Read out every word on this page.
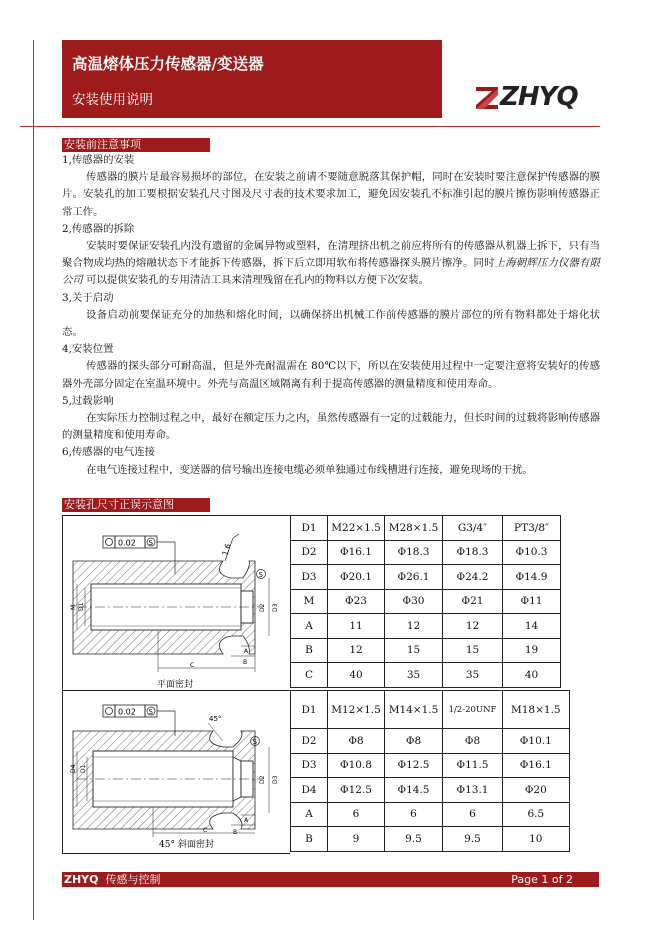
高温熔体压力传感器/变送器
安装使用说明	ZHYQ
安装前注意事项

1,传感器的安装

传感器的膜片是最容易损坏的部位，在安装之前请不要随意脱落其保护帽，同时在安装时要注意保护传感器的膜片。安装孔的加工要根据安装孔尺寸图及尺寸表的技术要求加工，避免因安装孔不标准引起的膜片擦伤影响传感器正常工作。

2,传感器的拆除

安装时要保证安装孔内没有遗留的金属异物或塑料，在清理挤出机之前应将所有的传感器从机器上拆下，只有当聚合物成均热的熔融状态下才能拆下传感器，拆下后立即用软布将传感器探头膜片擦净。同时上海朝辉压力仪器有限公司 可以提供安装孔的专用清洁工具来清理残留在孔内的物料以方便下次安装。

3,关于启动

设备启动前要保证充分的加热和熔化时间，以确保挤出机械工作前传感器的膜片部位的所有物料都处于熔化状态。

4,安装位置

传感器的探头部分可耐高温，但是外壳耐温需在 80℃以下，所以在安装使用过程中一定要注意将安装好的传感器外壳部分固定在室温环境中。外壳与高温区域隔离有利于提高传感器的测量精度和使用寿命。

5,过载影响

在实际压力控制过程之中，最好在额定压力之内，虽然传感器有一定的过载能力，但长时间的过载将影响传感器的测量精度和使用寿命。

6,传感器的电气连接

在电气连接过程中，变送器的信号输出连接电缆必须单独通过布线槽进行连接，避免现场的干扰。

安装孔尺寸正误示意图
0.02 S	1.6
S
M D1	D2 D3
A
B
C
平面密封
D1	M22×1.5	M28×1.5	G3/4″	PT3/8″
D2	Φ16.1	Φ18.3	Φ18.3	Φ10.3
D3	Φ20.1	Φ26.1	Φ24.2	Φ14.9
M	Φ23	Φ30	Φ21	Φ11
A	11	12	12	14
B	12	15	15	19
C	40	35	35	40
0.02 S
45°
S
D4 D1
D2 D3
A
B
C
45° 斜面密封
D1	M12×1.5	M14×1.5	1/2-20UNF	M18×1.5
D2	Φ8	Φ8	Φ8	Φ10.1
D3	Φ10.8	Φ12.5	Φ11.5	Φ16.1
D4	Φ12.5	Φ14.5	Φ13.1	Φ20
A	6	6	6	6.5
B	9	9.5	9.5	10
ZHYQ 传感与控制	Page 1 of 2
